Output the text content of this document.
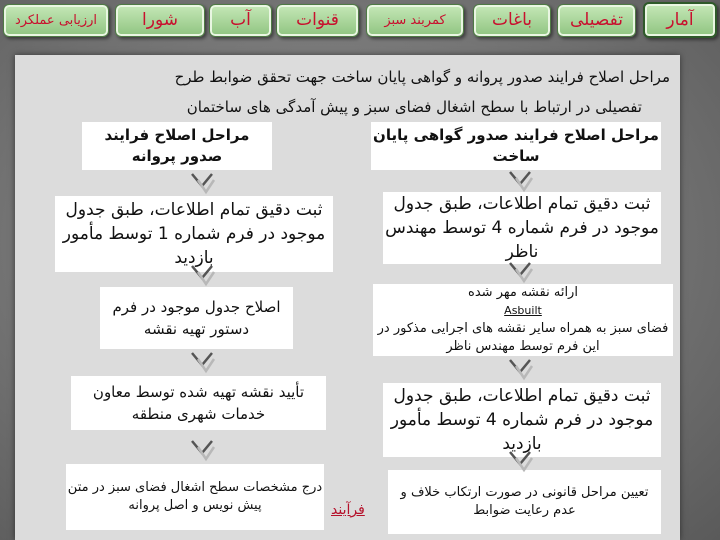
آمار
تفصیلی
باغات
کمربند سبز
قنوات
آب
شورا
ارزیابی عملکرد
مراحل اصلاح فرايند صدور پروانه و گواهی پايان ساخت جهت تحقق ضوابط طرح
تفصيلی در ارتباط با سطح اشغال فضای سبز و پيش آمدگی های ساختمان
مراحل اصلاح فرايند صدور گواهی پايان ساخت
ثبت دقيق تمام اطلاعات، طبق جدول موجود در فرم شماره 4 توسط مهندس ناظر
ارائه نقشه مهر شده
Asbuilt
فضای سبز به همراه ساير نقشه های اجرايی مذکور در اين فرم توسط مهندس ناظر
ثبت دقيق تمام اطلاعات، طبق جدول موجود در فرم شماره 4 توسط مأمور بازديد
تعيين مراحل قانونی در صورت ارتکاب خلاف و عدم رعايت ضوابط
مراحل اصلاح فرايند صدور پروانه
ثبت دقيق تمام اطلاعات، طبق جدول موجود در فرم شماره 1 توسط مأمور بازديد
اصلاح جدول موجود در فرم دستور تهيه نقشه
تأييد نقشه تهيه شده توسط معاون خدمات شهری منطقه
درج مشخصات سطح اشغال فضای سبز در متن پيش نويس و اصل پروانه	فرآيند
